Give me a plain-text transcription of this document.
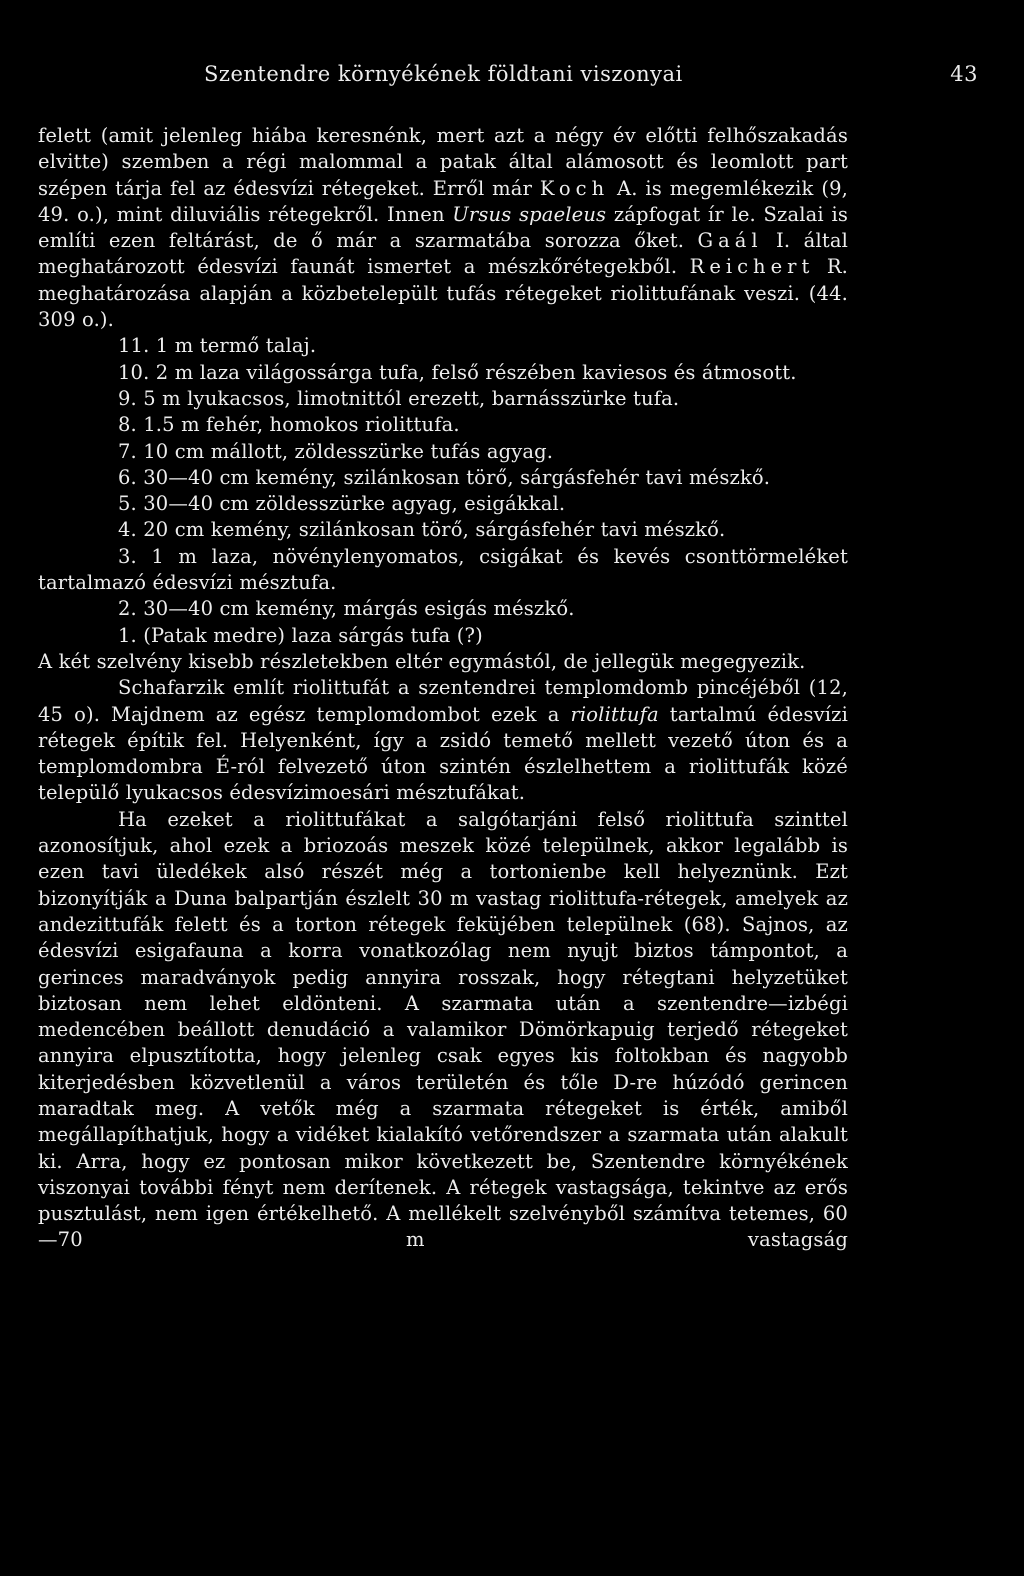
Szentendre környékének földtani viszonyai	43

felett (amit jelenleg hiába keresnénk, mert azt a négy év előtti felhőszakadás elvitte) szemben a régi malommal a patak által alámosott és leomlott part szépen tárja fel az édesvízi rétegeket. Erről már Koch A. is megemlékezik (9, 49. o.), mint diluviális rétegekről. Innen Ursus spaeleus zápfogat ír le. Szalai is említi ezen feltárást, de ő már a szarmatába sorozza őket. Gaál I. által meghatározott édesvízi faunát ismertet a mészkőrétegekből. Reichert R. meghatározása alapján a közbetelepült tufás rétegeket riolittufának veszi. (44. 309 o.).

11. 1 m termő talaj.

10. 2 m laza világossárga tufa, felső részében kaviesos és átmosott.

9. 5 m lyukacsos, limotnittól erezett, barnásszürke tufa.

8. 1.5 m fehér, homokos riolittufa.

7. 10 cm mállott, zöldesszürke tufás agyag.

6. 30—40 cm kemény, szilánkosan törő, sárgásfehér tavi mészkő.

5. 30—40 cm zöldesszürke agyag, esigákkal.

4. 20 cm kemény, szilánkosan törő, sárgásfehér tavi mészkő.

3. 1 m laza, növénylenyomatos, csigákat és kevés csonttörmeléket tartalmazó édesvízi mésztufa.

2. 30—40 cm kemény, márgás esigás mészkő.

1. (Patak medre) laza sárgás tufa (?)

A két szelvény kisebb részletekben eltér egymástól, de jellegük megegyezik.

Schafarzik említ riolittufát a szentendrei templomdomb pincéjéből (12, 45 o). Majdnem az egész templomdombot ezek a riolittufa tartalmú édesvízi rétegek építik fel. Helyenként, így a zsidó temető mellett vezető úton és a templomdombra É-ról felvezető úton szintén észlelhettem a riolittufák közé települő lyukacsos édesvízimoesári mésztufákat.

Ha ezeket a riolittufákat a salgótarjáni felső riolittufa szinttel azonosítjuk, ahol ezek a briozoás meszek közé települnek, akkor legalább is ezen tavi üledékek alsó részét még a tortonienbe kell helyeznünk. Ezt bizonyítják a Duna balpartján észlelt 30 m vastag riolittufa-rétegek, amelyek az andezittufák felett és a torton rétegek feküjében települnek (68). Sajnos, az édesvízi esigafauna a korra vonatkozólag nem nyujt biztos támpontot, a gerinces maradványok pedig annyira rosszak, hogy rétegtani helyzetüket biztosan nem lehet eldönteni. A szarmata után a szentendre—izbégi medencében beállott denudáció a valamikor Dömörkapuig terjedő rétegeket annyira elpusztította, hogy jelenleg csak egyes kis foltokban és nagyobb kiterjedésben közvetlenül a város területén és tőle D-re húzódó gerincen maradtak meg. A vetők még a szarmata rétegeket is érték, amiből megállapíthatjuk, hogy a vidéket kialakító vetőrendszer a szarmata után alakult ki. Arra, hogy ez pontosan mikor következett be, Szentendre környékének viszonyai további fényt nem derítenek. A rétegek vastagsága, tekintve az erős pusztulást, nem igen értékelhető. A mellékelt szelvényből számítva tetemes, 60—70 m vastagság
